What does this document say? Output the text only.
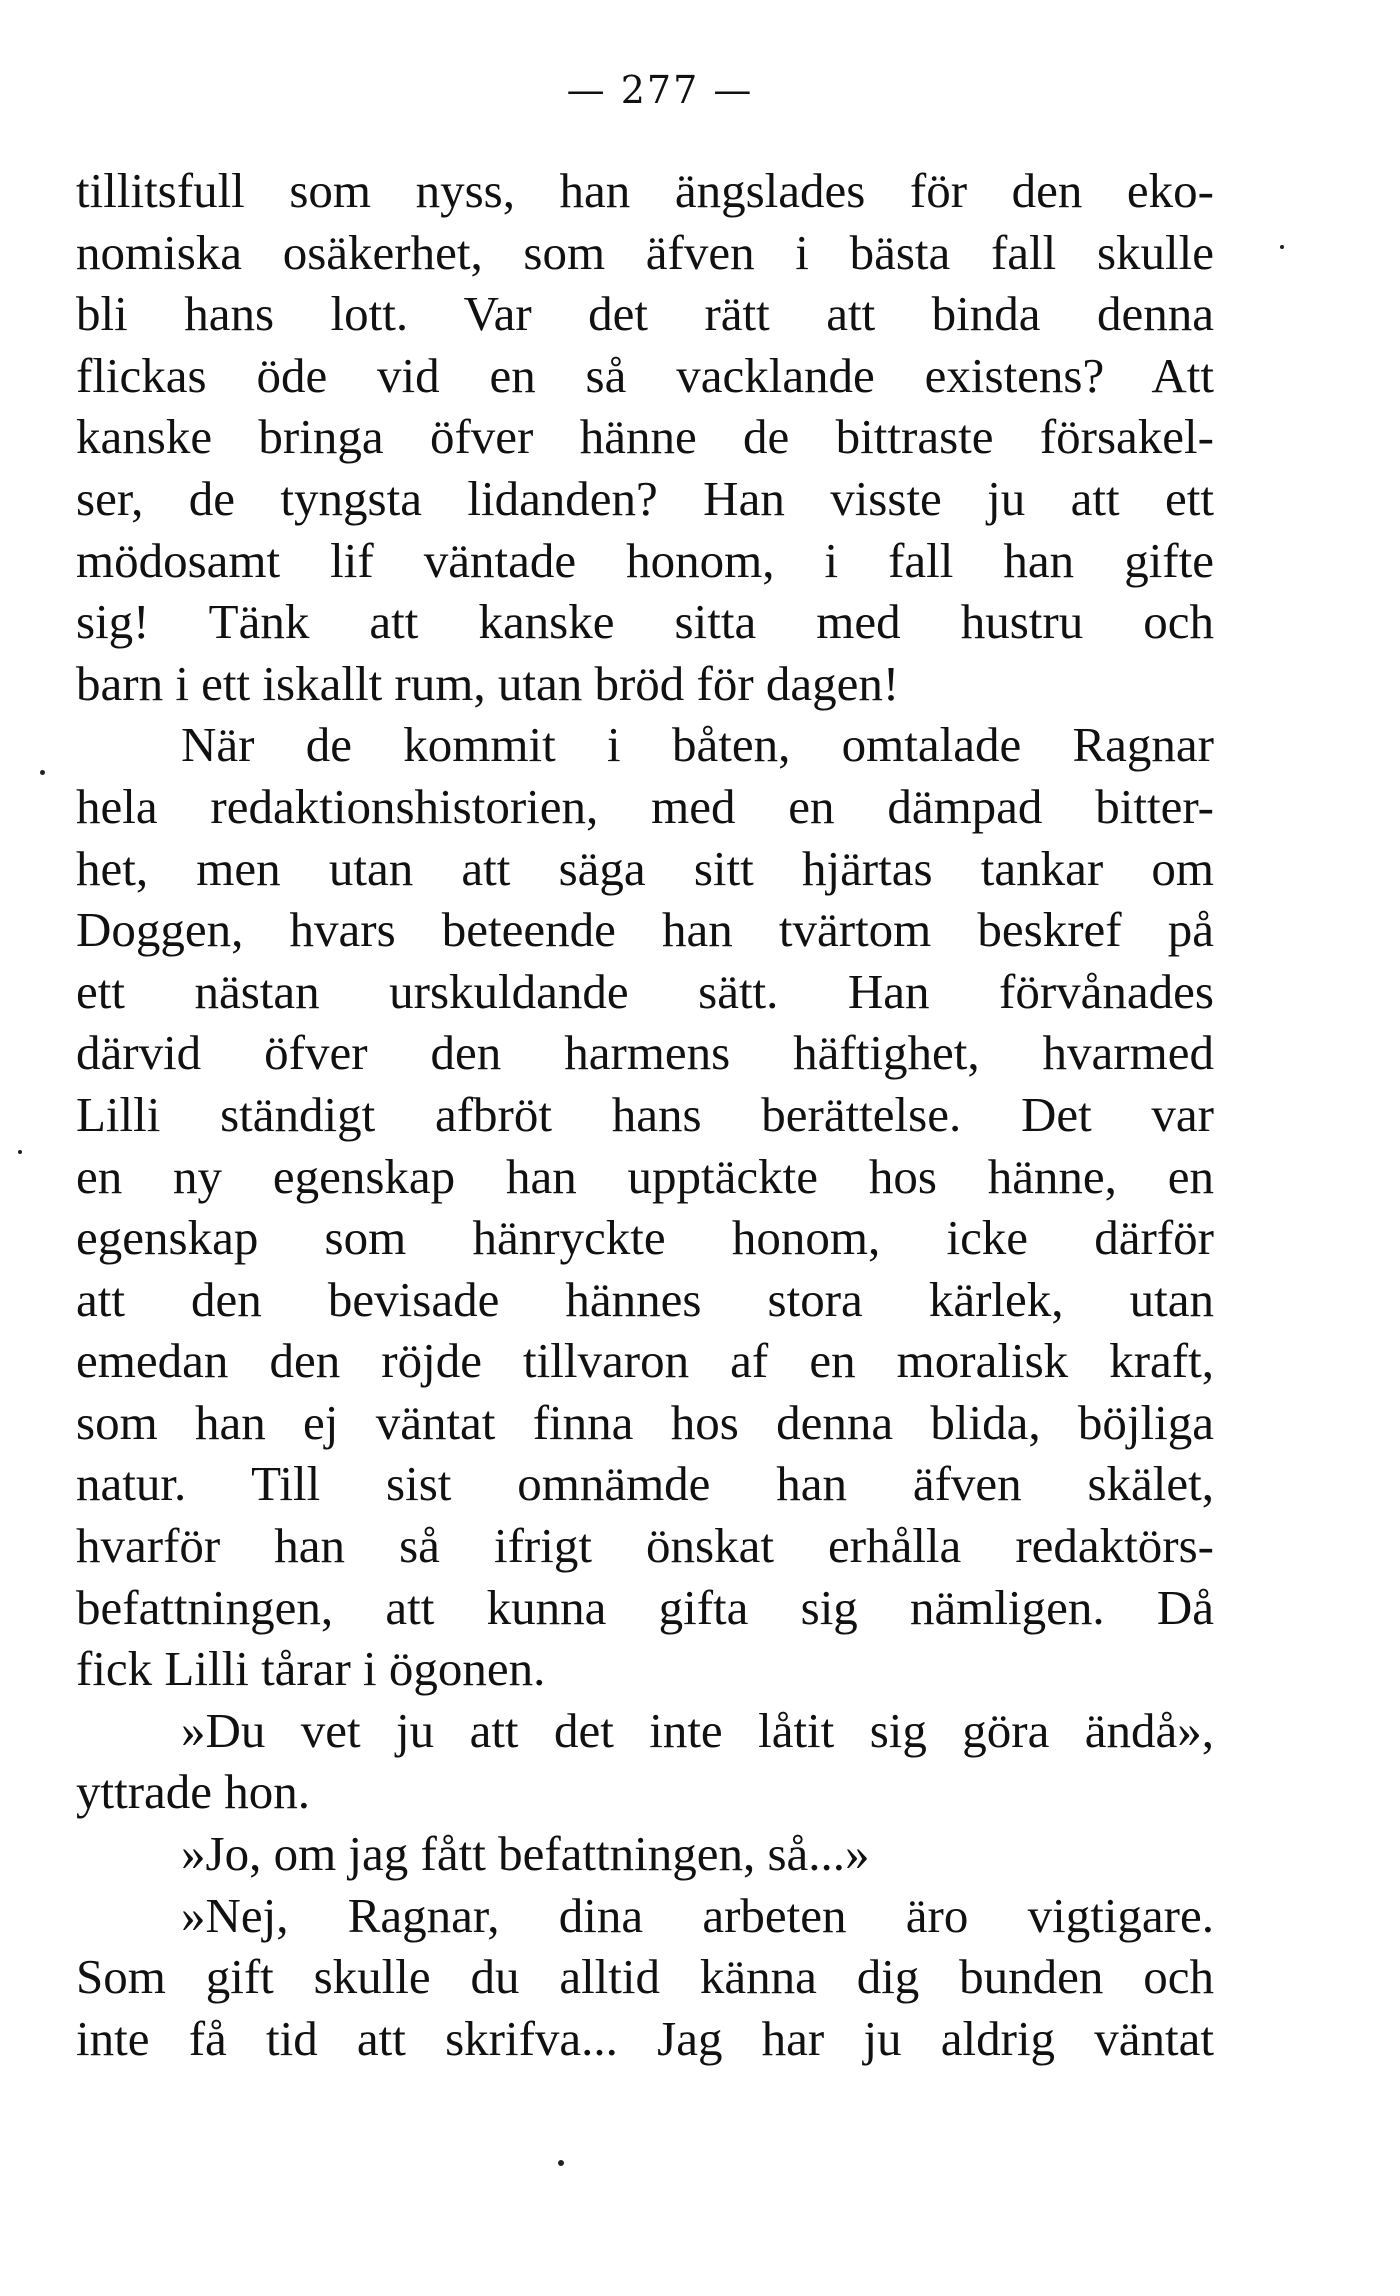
— 277 —
tillitsfull som nyss, han ängslades för den eko-
nomiska osäkerhet, som äfven i bästa fall skulle
bli hans lott. Var det rätt att binda denna
flickas öde vid en så vacklande existens? Att
kanske bringa öfver hänne de bittraste försakel-
ser, de tyngsta lidanden? Han visste ju att ett
mödosamt lif väntade honom, i fall han gifte
sig! Tänk att kanske sitta med hustru och
barn i ett iskallt rum, utan bröd för dagen!
När de kommit i båten, omtalade Ragnar
hela redaktionshistorien, med en dämpad bitter-
het, men utan att säga sitt hjärtas tankar om
Doggen, hvars beteende han tvärtom beskref på
ett nästan urskuldande sätt. Han förvånades
därvid öfver den harmens häftighet, hvarmed
Lilli ständigt afbröt hans berättelse. Det var
en ny egenskap han upptäckte hos hänne, en
egenskap som hänryckte honom, icke därför
att den bevisade hännes stora kärlek, utan
emedan den röjde tillvaron af en moralisk kraft,
som han ej väntat finna hos denna blida, böjliga
natur. Till sist omnämde han äfven skälet,
hvarför han så ifrigt önskat erhålla redaktörs-
befattningen, att kunna gifta sig nämligen. Då
fick Lilli tårar i ögonen.
»Du vet ju att det inte låtit sig göra ändå»,
yttrade hon.
»Jo, om jag fått befattningen, så...»
»Nej, Ragnar, dina arbeten äro vigtigare.
Som gift skulle du alltid känna dig bunden och
inte få tid att skrifva... Jag har ju aldrig väntat
